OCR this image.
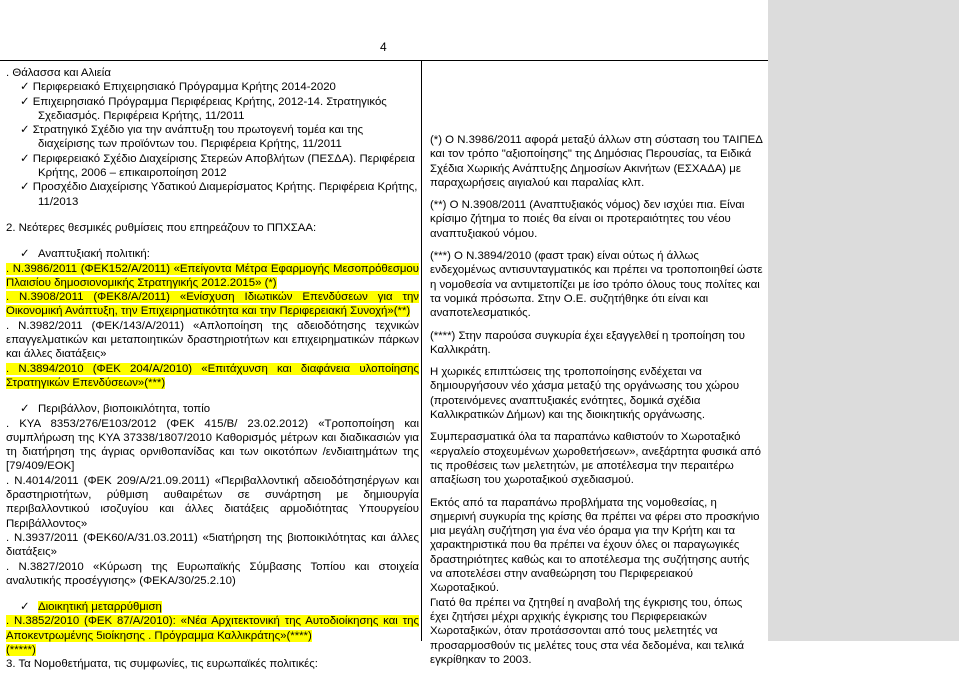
4

. Θάλασσα και Αλιεία

✓ Περιφερειακό Επιχειρησιακό Πρόγραμμα Κρήτης 2014-2020

✓ Επιχειρησιακό Πρόγραμμα Περιφέρειας Κρήτης, 2012-14. Στρατηγικός Σχεδιασμός. Περιφέρεια Κρήτης, 11/2011

✓ Στρατηγικό Σχέδιο για την ανάπτυξη του πρωτογενή τομέα και της διαχείρισης των προϊόντων του. Περιφέρεια Κρήτης, 11/2011

✓ Περιφερειακό Σχέδιο Διαχείρισης Στερεών Αποβλήτων (ΠΕΣΔΑ). Περιφέρεια Κρήτης, 2006 – επικαιροποίηση 2012

✓ Προσχέδιο Διαχείρισης Υδατικού Διαμερίσματος Κρήτης. Περιφέρεια Κρήτης, 11/2013

2. Νεότερες θεσμικές ρυθμίσεις που επηρεάζουν το ΠΠΧΣΑΑ:

✓ Αναπτυξιακή πολιτική:

. Ν.3986/2011 (ΦΕΚ152/Α/2011) «Επείγοντα Μέτρα Εφαρμογής Μεσοπρόθεσμου Πλαισίου δημοσιονομικής Στρατηγικής 2012.2015» (*)

. Ν.3908/2011 (ΦΕΚ8/Α/2011) «Ενίσχυση Ιδιωτικών Επενδύσεων για την Οικονομική Ανάπτυξη, την Επιχειρηματικότητα και την Περιφερειακή Συνοχή»(**)

. Ν.3982/2011 (ΦΕΚ/143/Α/2011) «Απλοποίηση της αδειοδότησης τεχνικών επαγγελματικών και μεταποιητικών δραστηριοτήτων και επιχειρηματικών πάρκων και άλλες διατάξεις»

. Ν.3894/2010 (ΦΕΚ 204/Α/2010) «Επιτάχυνση και διαφάνεια υλοποίησης Στρατηγικών Επενδύσεων»(***)

✓ Περιβάλλον, βιοποικιλότητα, τοπίο

. ΚΥΑ 8353/276/Ε103/2012 (ΦΕΚ 415/Β/ 23.02.2012) «Τροποποίηση και συμπλήρωση της ΚΥΑ 37338/1807/2010 Καθορισμός μέτρων και διαδικασιών για τη διατήρηση της άγριας ορνιθοπανίδας και των οικοτόπων /ενδιαιτημάτων της [79/409/ΕΟΚ]

. Ν.4014/2011 (ΦΕΚ 209/Α/21.09.2011) «Περιβαλλοντική αδειοδότησηέργων και δραστηριοτήτων, ρύθμιση αυθαιρέτων σε συνάρτηση με δημιουργία περιβαλλοντικού ισοζυγίου και άλλες διατάξεις αρμοδιότητας Υπουργείου Περιβάλλοντος»

. Ν.3937/2011 (ΦΕΚ60/Α/31.03.2011) «5ιατήρηση της βιοποικιλότητας και άλλες διατάξεις»

. Ν.3827/2010 «Κύρωση της Ευρωπαϊκής Σύμβασης Τοπίου και στοιχεία αναλυτικής προσέγγισης» (ΦΕΚΑ/30/25.2.10)

✓ Διοικητική μεταρρύθμιση

. Ν.3852/2010 (ΦΕΚ 87/Α/2010): «Νέα Αρχιτεκτονική της Αυτοδιοίκησης και της Αποκεντρωμένης 5ιοίκησης . Πρόγραμμα Καλλικράτης»(****)

(*****)

3. Τα Νομοθετήματα, τις συμφωνίες, τις ευρωπαϊκές πολιτικές:

(*) Ο Ν.3986/2011 αφορά μεταξύ άλλων στη σύσταση του ΤΑΙΠΕΔ και τον τρόπο "αξιοποίησης" της Δημόσιας Περουσίας, τα Ειδικά Σχέδια Χωρικής Ανάπτυξης Δημοσίων Ακινήτων (ΕΣΧΑΔΑ) με παραχωρήσεις αιγιαλού και παραλίας κλπ.

(**) Ο Ν.3908/2011 (Αναπτυξιακός νόμος) δεν ισχύει πια. Είναι κρίσιμο ζήτημα το ποιές θα είναι οι προτεραιότητες του νέου αναπτυξιακού νόμου.

(***) Ο Ν.3894/2010 (φαστ τρακ) είναι ούτως ή άλλως ενδεχομένως αντισυνταγματικός και πρέπει να τροποποιηθεί ώστε η νομοθεσία να αντιμετοπίζει με ίσο τρόπο όλους τους πολίτες και τα νομικά πρόσωπα. Στην Ο.Ε. συζητήθηκε ότι είναι και αναποτελεσματικός.

(****) Στην παρούσα συγκυρία έχει εξαγγελθεί η τροποίηση του Καλλικράτη.

Η χωρικές επιπτώσεις της τροποποίησης ενδέχεται να δημιουργήσουν νέο χάσμα μεταξύ της οργάνωσης του χώρου (προτεινόμενες αναπτυξιακές ενότητες, δομικά σχέδια Καλλικρατικών Δήμων) και της διοικητικής οργάνωσης.

Συμπερασματικά όλα τα παραπάνω καθιστούν το Χωροταξικό «εργαλείο στοχευμένων χωροθετήσεων», ανεξάρτητα φυσικά από τις προθέσεις των μελετητών, με αποτέλεσμα την περαιτέρω απαξίωση του χωροταξικού σχεδιασμού.

Εκτός από τα παραπάνω προβλήματα της νομοθεσίας, η σημερινή συγκυρία της κρίσης θα πρέπει να φέρει στο προσκήνιο μια μεγάλη συζήτηση για ένα νέο όραμα για την Κρήτη και τα χαρακτηριστικά που θα πρέπει να έχουν όλες οι παραγωγικές δραστηριότητες καθώς και το αποτέλεσμα της συζήτησης αυτής να αποτελέσει στην αναθεώρηση του Περιφερειακού Χωροταξικού.
Γιατό θα πρέπει να ζητηθεί η αναβολή της έγκρισης του, όπως έχει ζητήσει μέχρι αρχικής έγκρισης του Περιφερειακών Χωροταξικών, όταν προτάσσονται από τους μελετητές να προσαρμοσθούν τις μελέτες τους στα νέα δεδομένα, και τελικά εγκρίθηκαν το 2003.
